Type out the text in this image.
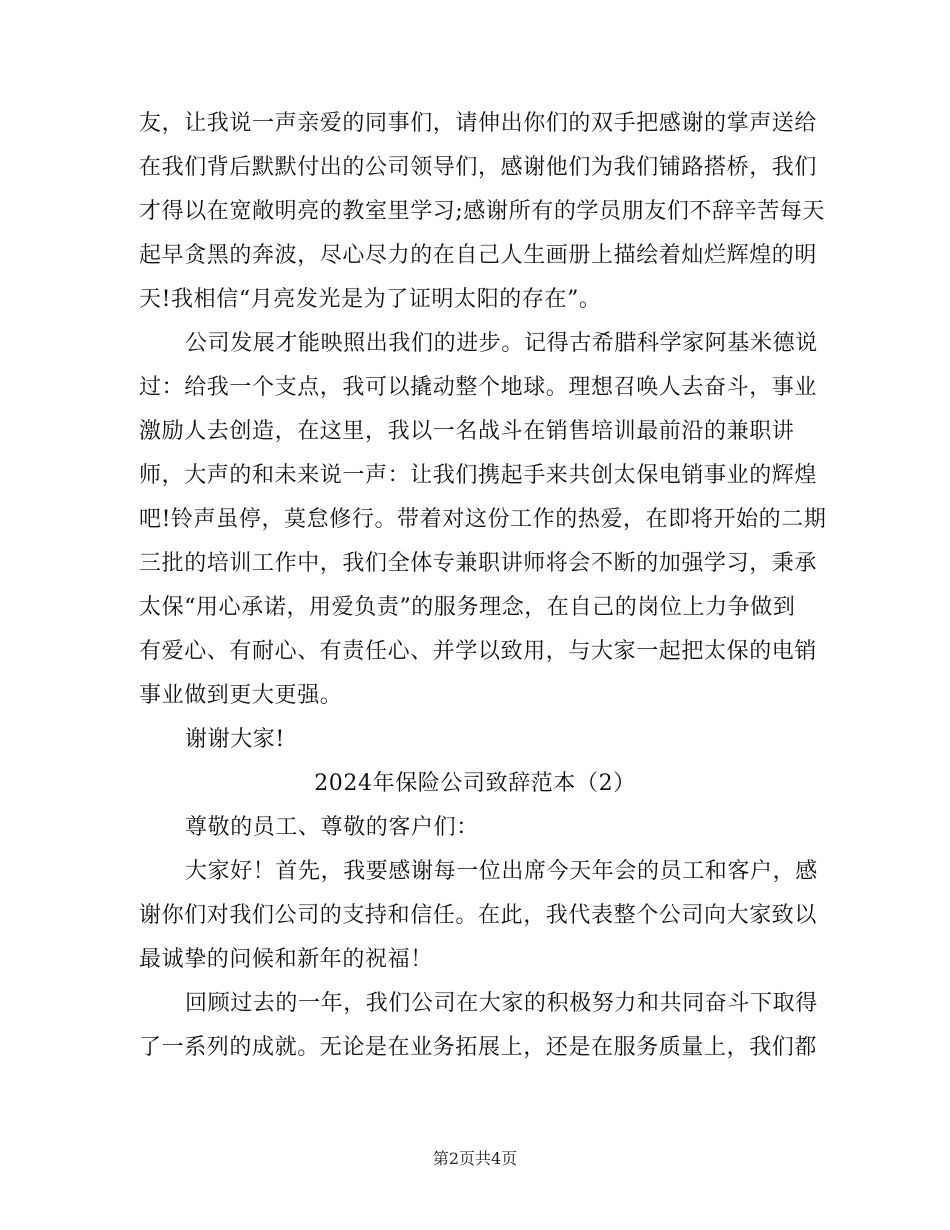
友，让我说一声亲爱的同事们，请伸出你们的双手把感谢的掌声送给
在我们背后默默付出的公司领导们，感谢他们为我们铺路搭桥，我们
才得以在宽敞明亮的教室里学习;感谢所有的学员朋友们不辞辛苦每天
起早贪黑的奔波，尽心尽力的在自己人生画册上描绘着灿烂辉煌的明
天!我相信“月亮发光是为了证明太阳的存在”。
公司发展才能映照出我们的进步。记得古希腊科学家阿基米德说
过：给我一个支点，我可以撬动整个地球。理想召唤人去奋斗，事业
激励人去创造，在这里，我以一名战斗在销售培训最前沿的兼职讲
师，大声的和未来说一声：让我们携起手来共创太保电销事业的辉煌
吧!铃声虽停，莫怠修行。带着对这份工作的热爱，在即将开始的二期
三批的培训工作中，我们全体专兼职讲师将会不断的加强学习，秉承
太保“用心承诺，用爱负责”的服务理念，在自己的岗位上力争做到
有爱心、有耐心、有责任心、并学以致用，与大家一起把太保的电销
事业做到更大更强。
谢谢大家!
2024年保险公司致辞范本（2）
尊敬的员工、尊敬的客户们：
大家好！首先，我要感谢每一位出席今天年会的员工和客户，感
谢你们对我们公司的支持和信任。在此，我代表整个公司向大家致以
最诚挚的问候和新年的祝福！
回顾过去的一年，我们公司在大家的积极努力和共同奋斗下取得
了一系列的成就。无论是在业务拓展上，还是在服务质量上，我们都
第2页共4页
